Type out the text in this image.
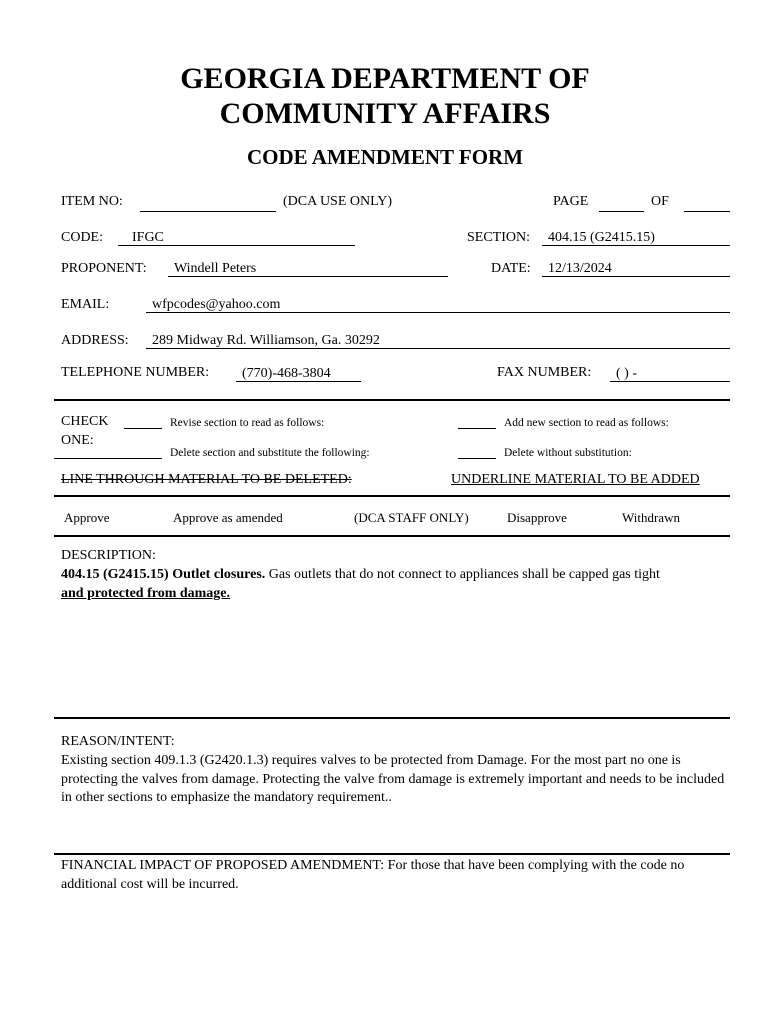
GEORGIA DEPARTMENT OF
COMMUNITY AFFAIRS
CODE AMENDMENT FORM
ITEM NO:	(DCA USE ONLY)	PAGE	OF
CODE:	IFGC	SECTION:	404.15 (G2415.15)
PROPONENT:	Windell Peters	DATE:	12/13/2024
EMAIL:	wfpcodes@yahoo.com
ADDRESS:	289 Midway Rd. Williamson, Ga. 30292
TELEPHONE NUMBER:	(770)-468-3804	FAX NUMBER:	( ) -
CHECK
ONE:
Revise section to read as follows:	Add new section to read as follows:
Delete section and substitute the following:	Delete without substitution:
LINE THROUGH MATERIAL TO BE DELETED:	UNDERLINE MATERIAL TO BE ADDED
Approve	Approve as amended	(DCA STAFF ONLY)	Disapprove	Withdrawn
DESCRIPTION:
404.15 (G2415.15) Outlet closures. Gas outlets that do not connect to appliances shall be capped gas tight
and protected from damage.
REASON/INTENT:
Existing section 409.1.3 (G2420.1.3) requires valves to be protected from Damage. For the most part no one is protecting the valves from damage. Protecting the valve from damage is extremely important and needs to be included in other sections to emphasize the mandatory requirement..
FINANCIAL IMPACT OF PROPOSED AMENDMENT: For those that have been complying with the code no additional cost will be incurred.
